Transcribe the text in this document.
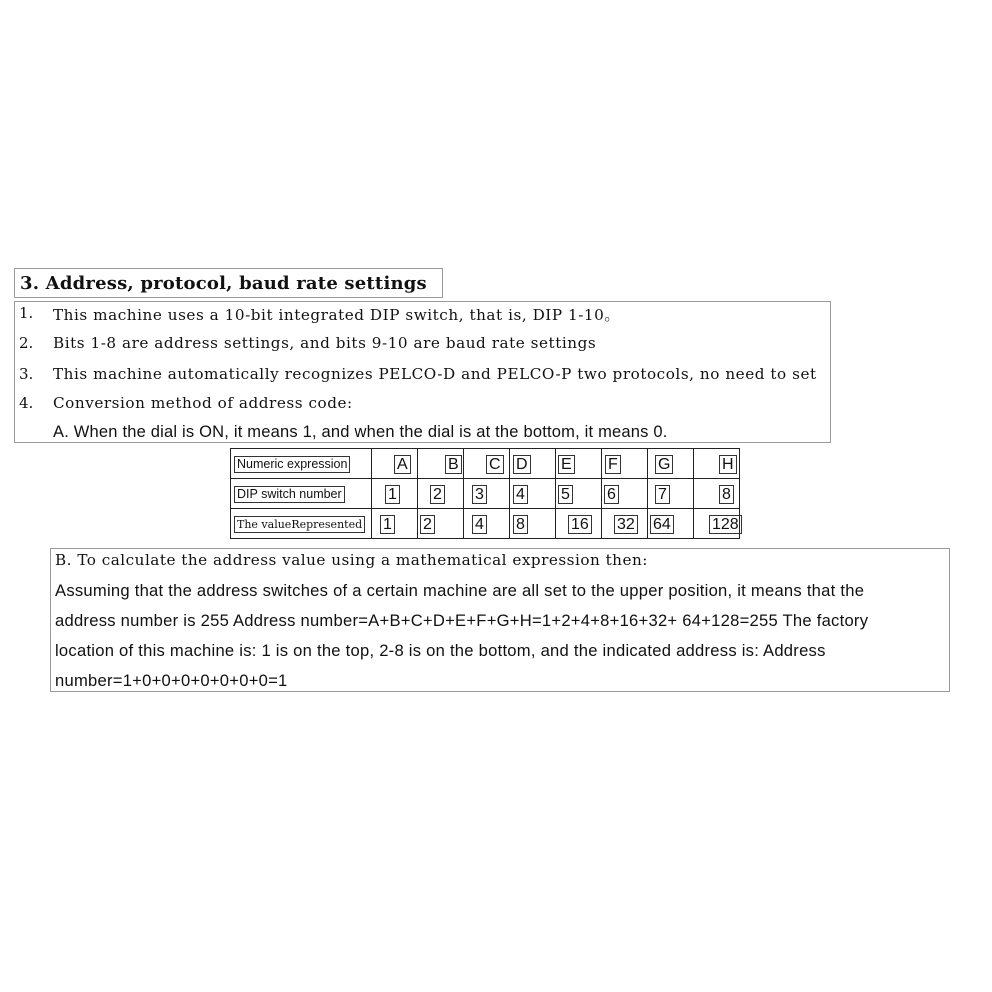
3. Address, protocol, baud rate settings
1. This machine uses a 10-bit integrated DIP switch, that is, DIP 1-10。
2. Bits 1-8 are address settings, and bits 9-10 are baud rate settings
3. This machine automatically recognizes PELCO-D and PELCO-P two protocols, no need to set
4. Conversion method of address code:
A. When the dial is ON, it means 1, and when the dial is at the bottom, it means 0.
Numeric expression	A	B	C	D	E	F	G	H

DIP switch number	1	2	3	4	5	6	7	8

The valueRepresented	1	2	4	8	16	32	64	128
B. To calculate the address value using a mathematical expression then:
Assuming that the address switches of a certain machine are all set to the upper position, it means that the
address number is 255 Address number=A+B+C+D+E+F+G+H=1+2+4+8+16+32+ 64+128=255 The factory
location of this machine is: 1 is on the top, 2-8 is on the bottom, and the indicated address is: Address
number=1+0+0+0+0+0+0+0=1
